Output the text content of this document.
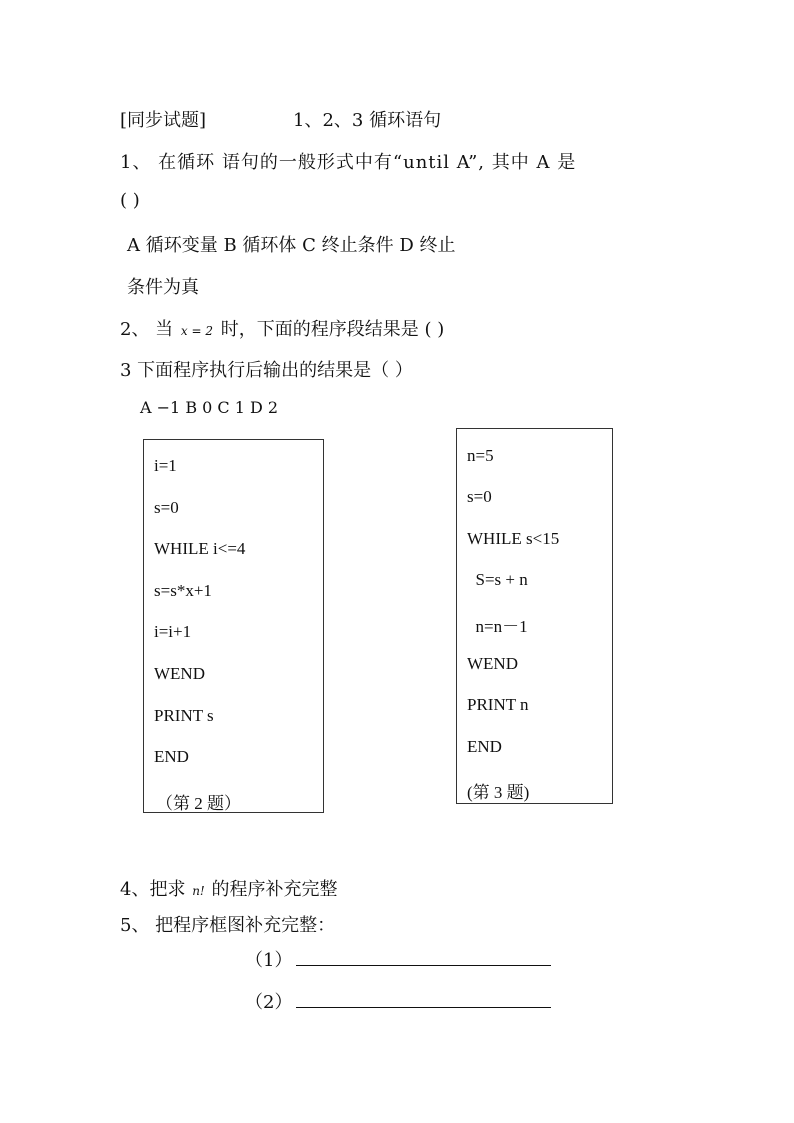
[同步试题]	1、2、3 循环语句
1、 在循环 语句的一般形式中有“until A”, 其中 A 是
( )
A 循环变量 B 循环体 C 终止条件 D 终止
条件为真
2、 当 x = 2 时，下面的程序段结果是 ( )
3 下面程序执行后输出的结果是（ ）
A −1 B 0 C 1 D 2
i=1
s=0
WHILE i<=4
s=s*x+1
i=i+1
WEND
PRINT s
END
（第 2 题）
n=5
s=0
WHILE s<15
S=s + n
n=n－1
WEND
PRINT n
END
(第 3 题)
4、把求 n! 的程序补充完整
5、 把程序框图补充完整：
（1）
（2）
